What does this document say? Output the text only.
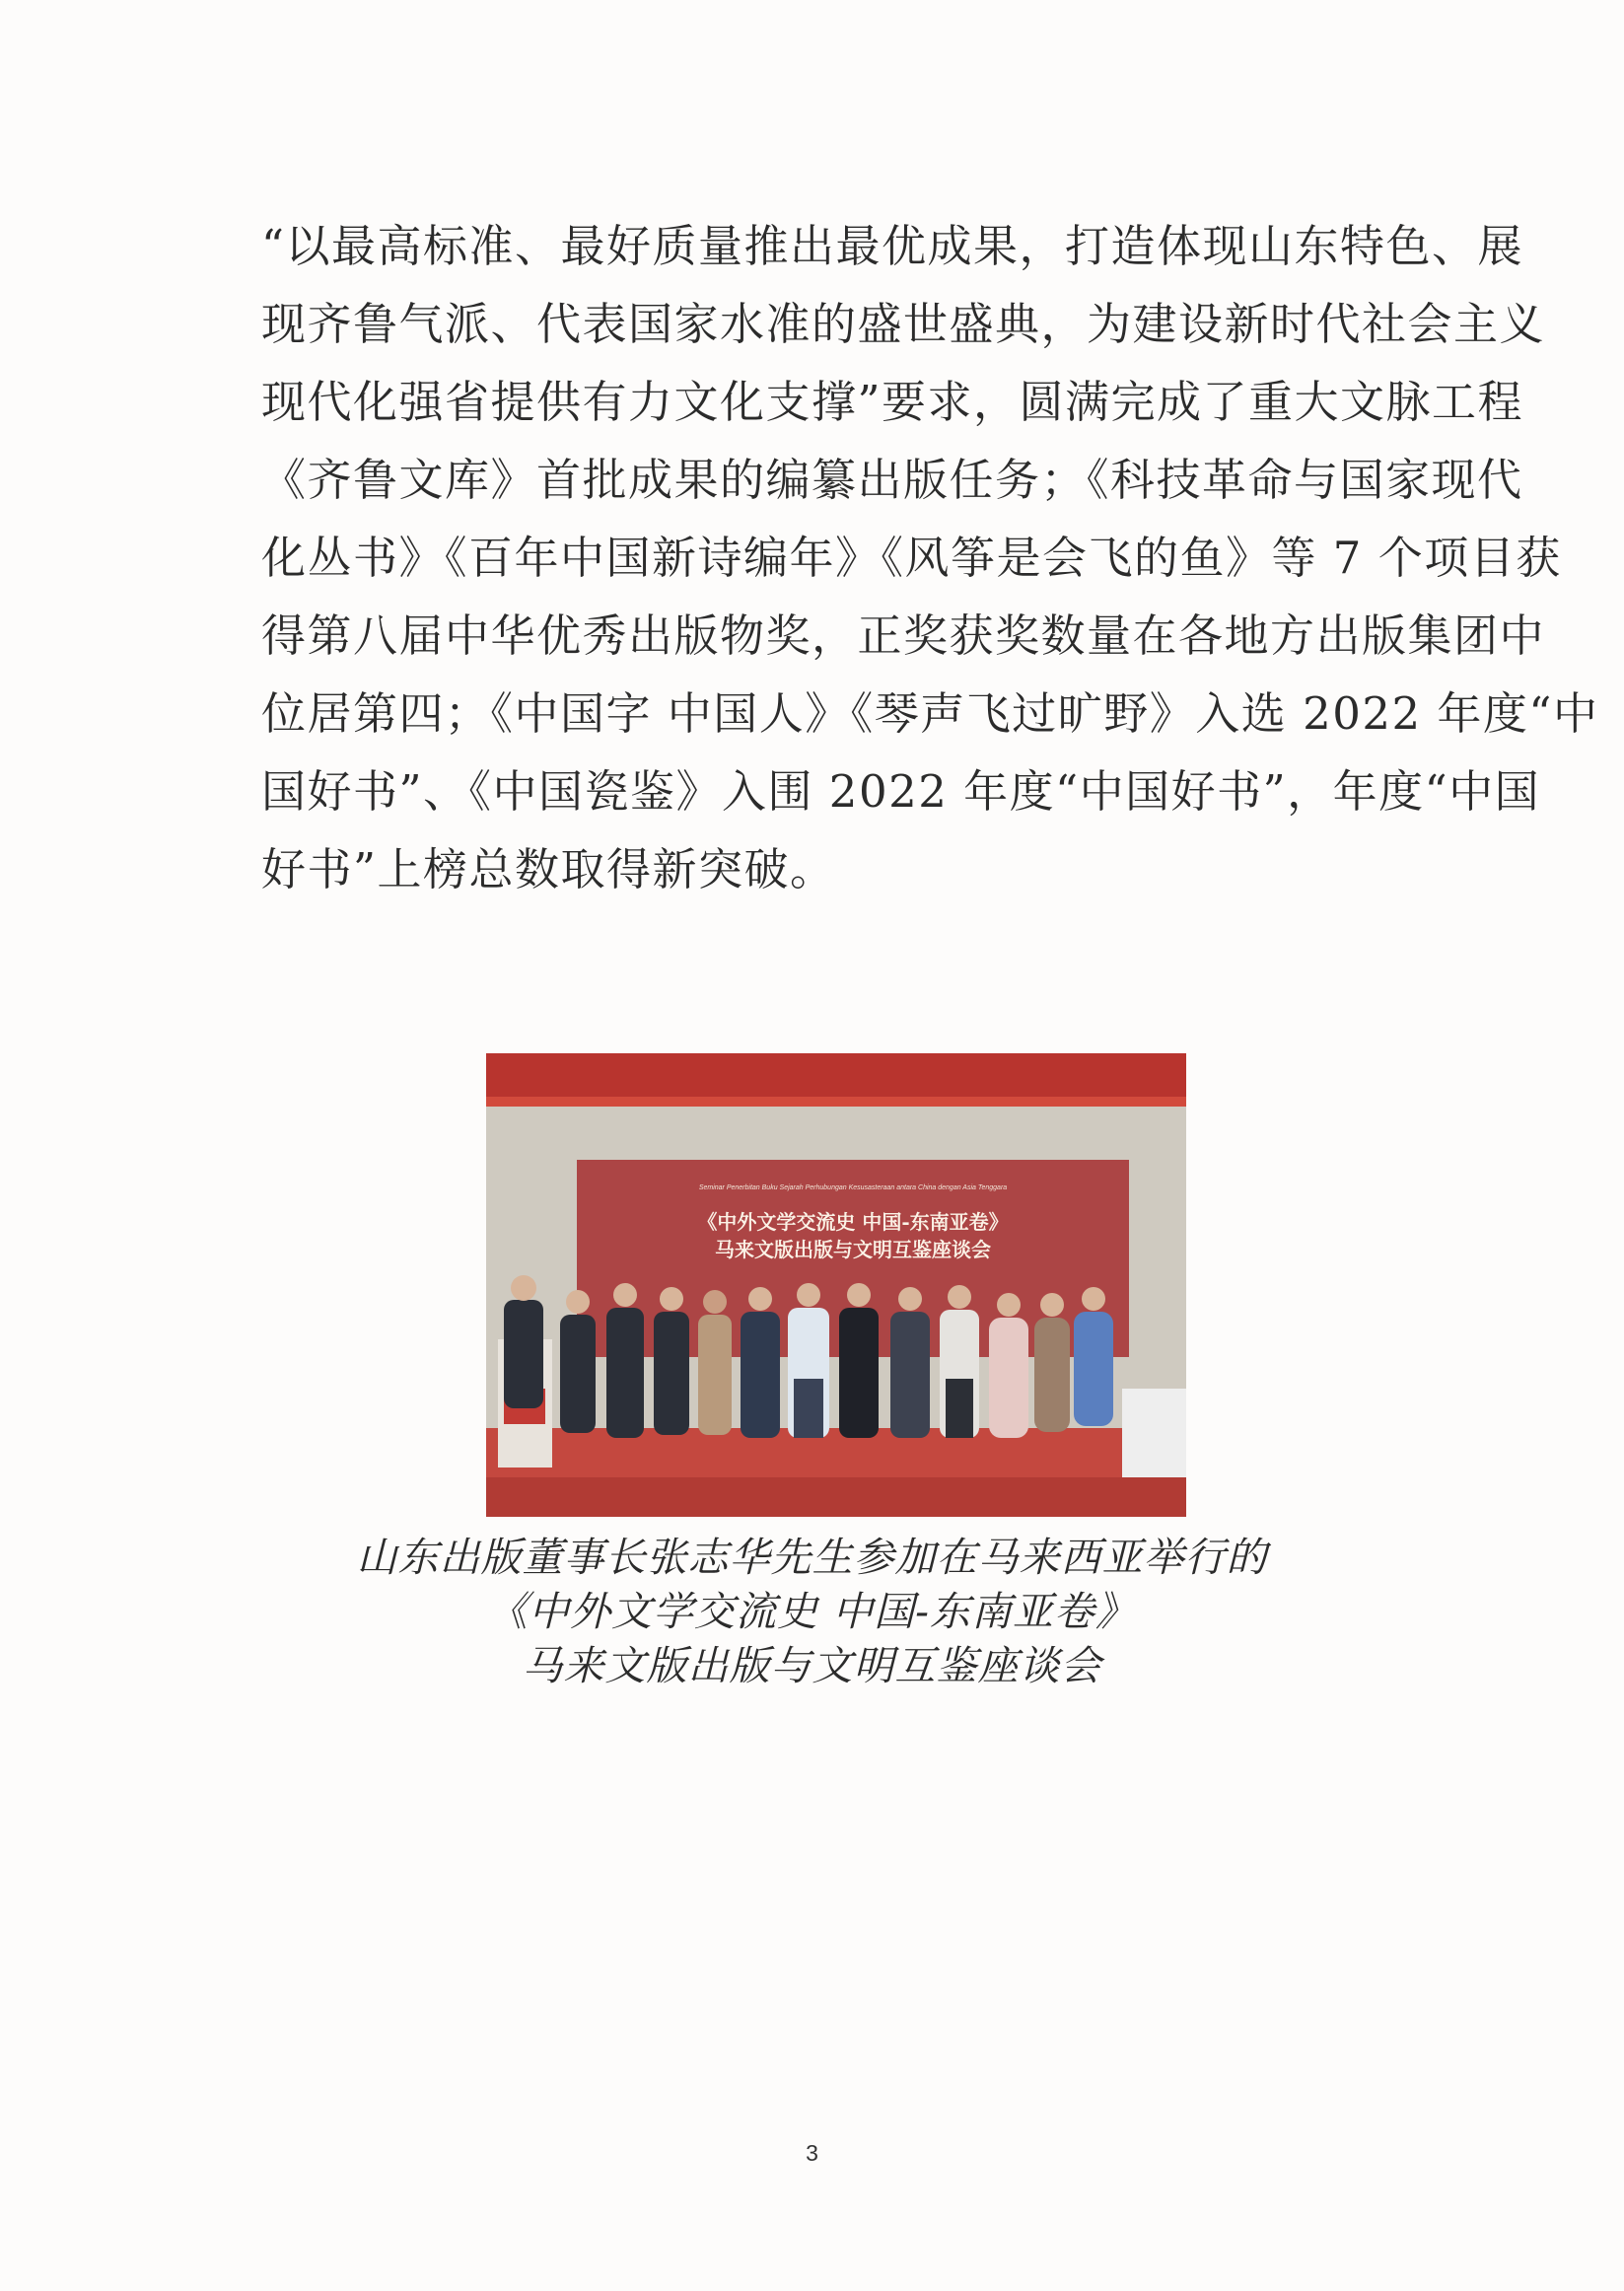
“以最高标准、最好质量推出最优成果，打造体现山东特色、展
现齐鲁气派、代表国家水准的盛世盛典，为建设新时代社会主义
现代化强省提供有力文化支撑”要求，圆满完成了重大文脉工程
《齐鲁文库》首批成果的编纂出版任务；《科技革命与国家现代
化丛书》《百年中国新诗编年》《风筝是会飞的鱼》等 7 个项目获
得第八届中华优秀出版物奖，正奖获奖数量在各地方出版集团中
位居第四；《中国字 中国人》《琴声飞过旷野》入选 2022 年度“中
国好书”、《中国瓷鉴》入围 2022 年度“中国好书”，年度“中国
好书”上榜总数取得新突破。
Seminar Penerbitan Buku Sejarah Perhubungan Kesusasteraan antara China dengan Asia Tenggara
《中外文学交流史 中国-东南亚卷》
马来文版出版与文明互鉴座谈会
山东出版董事长张志华先生参加在马来西亚举行的
《中外文学交流史 中国-东南亚卷》
马来文版出版与文明互鉴座谈会
3
